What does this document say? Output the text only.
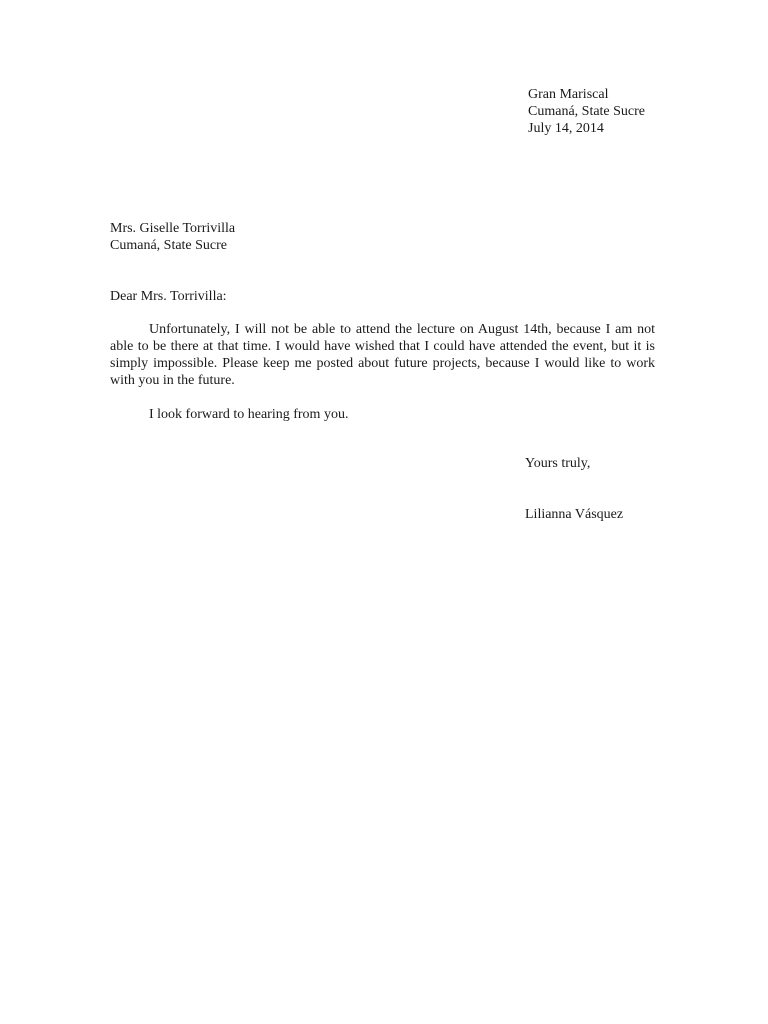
Gran Mariscal
Cumaná, State Sucre
July 14, 2014
Mrs. Giselle Torrivilla
Cumaná, State Sucre
Dear Mrs. Torrivilla:

Unfortunately, I will not be able to attend the lecture on August 14th, because I am not able to be there at that time. I would have wished that I could have attended the event, but it is simply impossible. Please keep me posted about future projects, because I would like to work with you in the future.

I look forward to hearing from you.

Yours truly,
Lilianna Vásquez
